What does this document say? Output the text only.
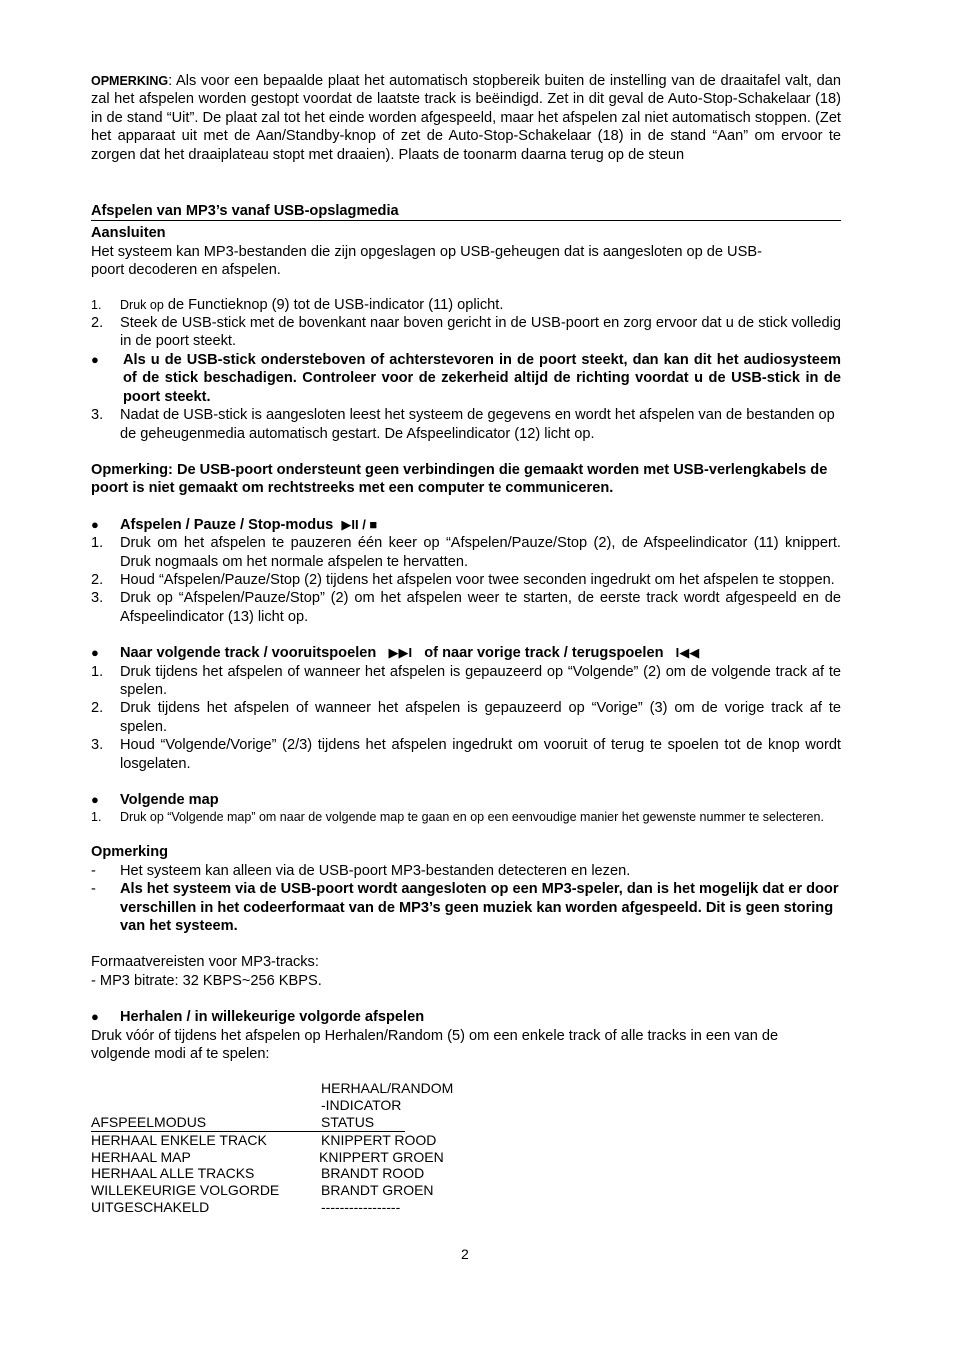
OPMERKING: Als voor een bepaalde plaat het automatisch stopbereik buiten de instelling van de draaitafel valt, dan zal het afspelen worden gestopt voordat de laatste track is beëindigd. Zet in dit geval de Auto-Stop-Schakelaar (18) in de stand “Uit”. De plaat zal tot het einde worden afgespeeld, maar het afspelen zal niet automatisch stoppen. (Zet het apparaat uit met de Aan/Standby-knop of zet de Auto-Stop-Schakelaar (18) in de stand “Aan” om ervoor te zorgen dat het draaiplateau stopt met draaien). Plaats de toonarm daarna terug op de steun

Afspelen van MP3’s vanaf USB-opslagmedia

Aansluiten

Het systeem kan MP3-bestanden die zijn opgeslagen op USB-geheugen dat is aangesloten op de USB-poort decoderen en afspelen.

1.	Druk op de Functieknop (9) tot de USB-indicator (11) oplicht.
2.	Steek de USB-stick met de bovenkant naar boven gericht in de USB-poort en zorg ervoor dat u de stick volledig in de poort steekt.
●	Als u de USB-stick ondersteboven of achterstevoren in de poort steekt, dan kan dit het audiosysteem of de stick beschadigen. Controleer voor de zekerheid altijd de richting voordat u de USB-stick in de poort steekt.
3.	Nadat de USB-stick is aangesloten leest het systeem de gegevens en wordt het afspelen van de bestanden op de geheugenmedia automatisch gestart. De Afspeelindicator (12) licht op.

Opmerking: De USB-poort ondersteunt geen verbindingen die gemaakt worden met USB-verlengkabels de poort is niet gemaakt om rechtstreeks met een computer te communiceren.

●	Afspelen / Pauze / Stop-modus ▶II / ■
1.	Druk om het afspelen te pauzeren één keer op “Afspelen/Pauze/Stop (2), de Afspeelindicator (11) knippert. Druk nogmaals om het normale afspelen te hervatten.
2.	Houd “Afspelen/Pauze/Stop (2) tijdens het afspelen voor twee seconden ingedrukt om het afspelen te stoppen.
3.	Druk op “Afspelen/Pauze/Stop” (2) om het afspelen weer te starten, de eerste track wordt afgespeeld en de Afspeelindicator (13) licht op.
●	Naar volgende track / vooruitspoelen ▶▶I of naar vorige track / terugspoelen I◀◀
1.	Druk tijdens het afspelen of wanneer het afspelen is gepauzeerd op “Volgende” (2) om de volgende track af te spelen.
2.	Druk tijdens het afspelen of wanneer het afspelen is gepauzeerd op “Vorige” (3) om de vorige track af te spelen.
3.	Houd “Volgende/Vorige” (2/3) tijdens het afspelen ingedrukt om vooruit of terug te spoelen tot de knop wordt losgelaten.
●	Volgende map
1.	Druk op “Volgende map” om naar de volgende map te gaan en op een eenvoudige manier het gewenste nummer te selecteren.

Opmerking

-	Het systeem kan alleen via de USB-poort MP3-bestanden detecteren en lezen.
-	Als het systeem via de USB-poort wordt aangesloten op een MP3-speler, dan is het mogelijk dat er door verschillen in het codeerformaat van de MP3’s geen muziek kan worden afgespeeld. Dit is geen storing van het systeem.

Formaatvereisten voor MP3-tracks:

- MP3 bitrate: 32 KBPS~256 KBPS.

●	Herhalen / in willekeurige volgorde afspelen

Druk vóór of tijdens het afspelen op Herhalen/Random (5) om een enkele track of alle tracks in een van de volgende modi af te spelen:

HERHAAL/RANDOM
-INDICATOR
AFSPEELMODUS	STATUS
HERHAAL ENKELE TRACK	KNIPPERT ROOD
HERHAAL MAP	KNIPPERT GROEN
HERHAAL ALLE TRACKS	BRANDT ROOD
WILLEKEURIGE VOLGORDE	BRANDT GROEN
UITGESCHAKELD	-----------------
2
